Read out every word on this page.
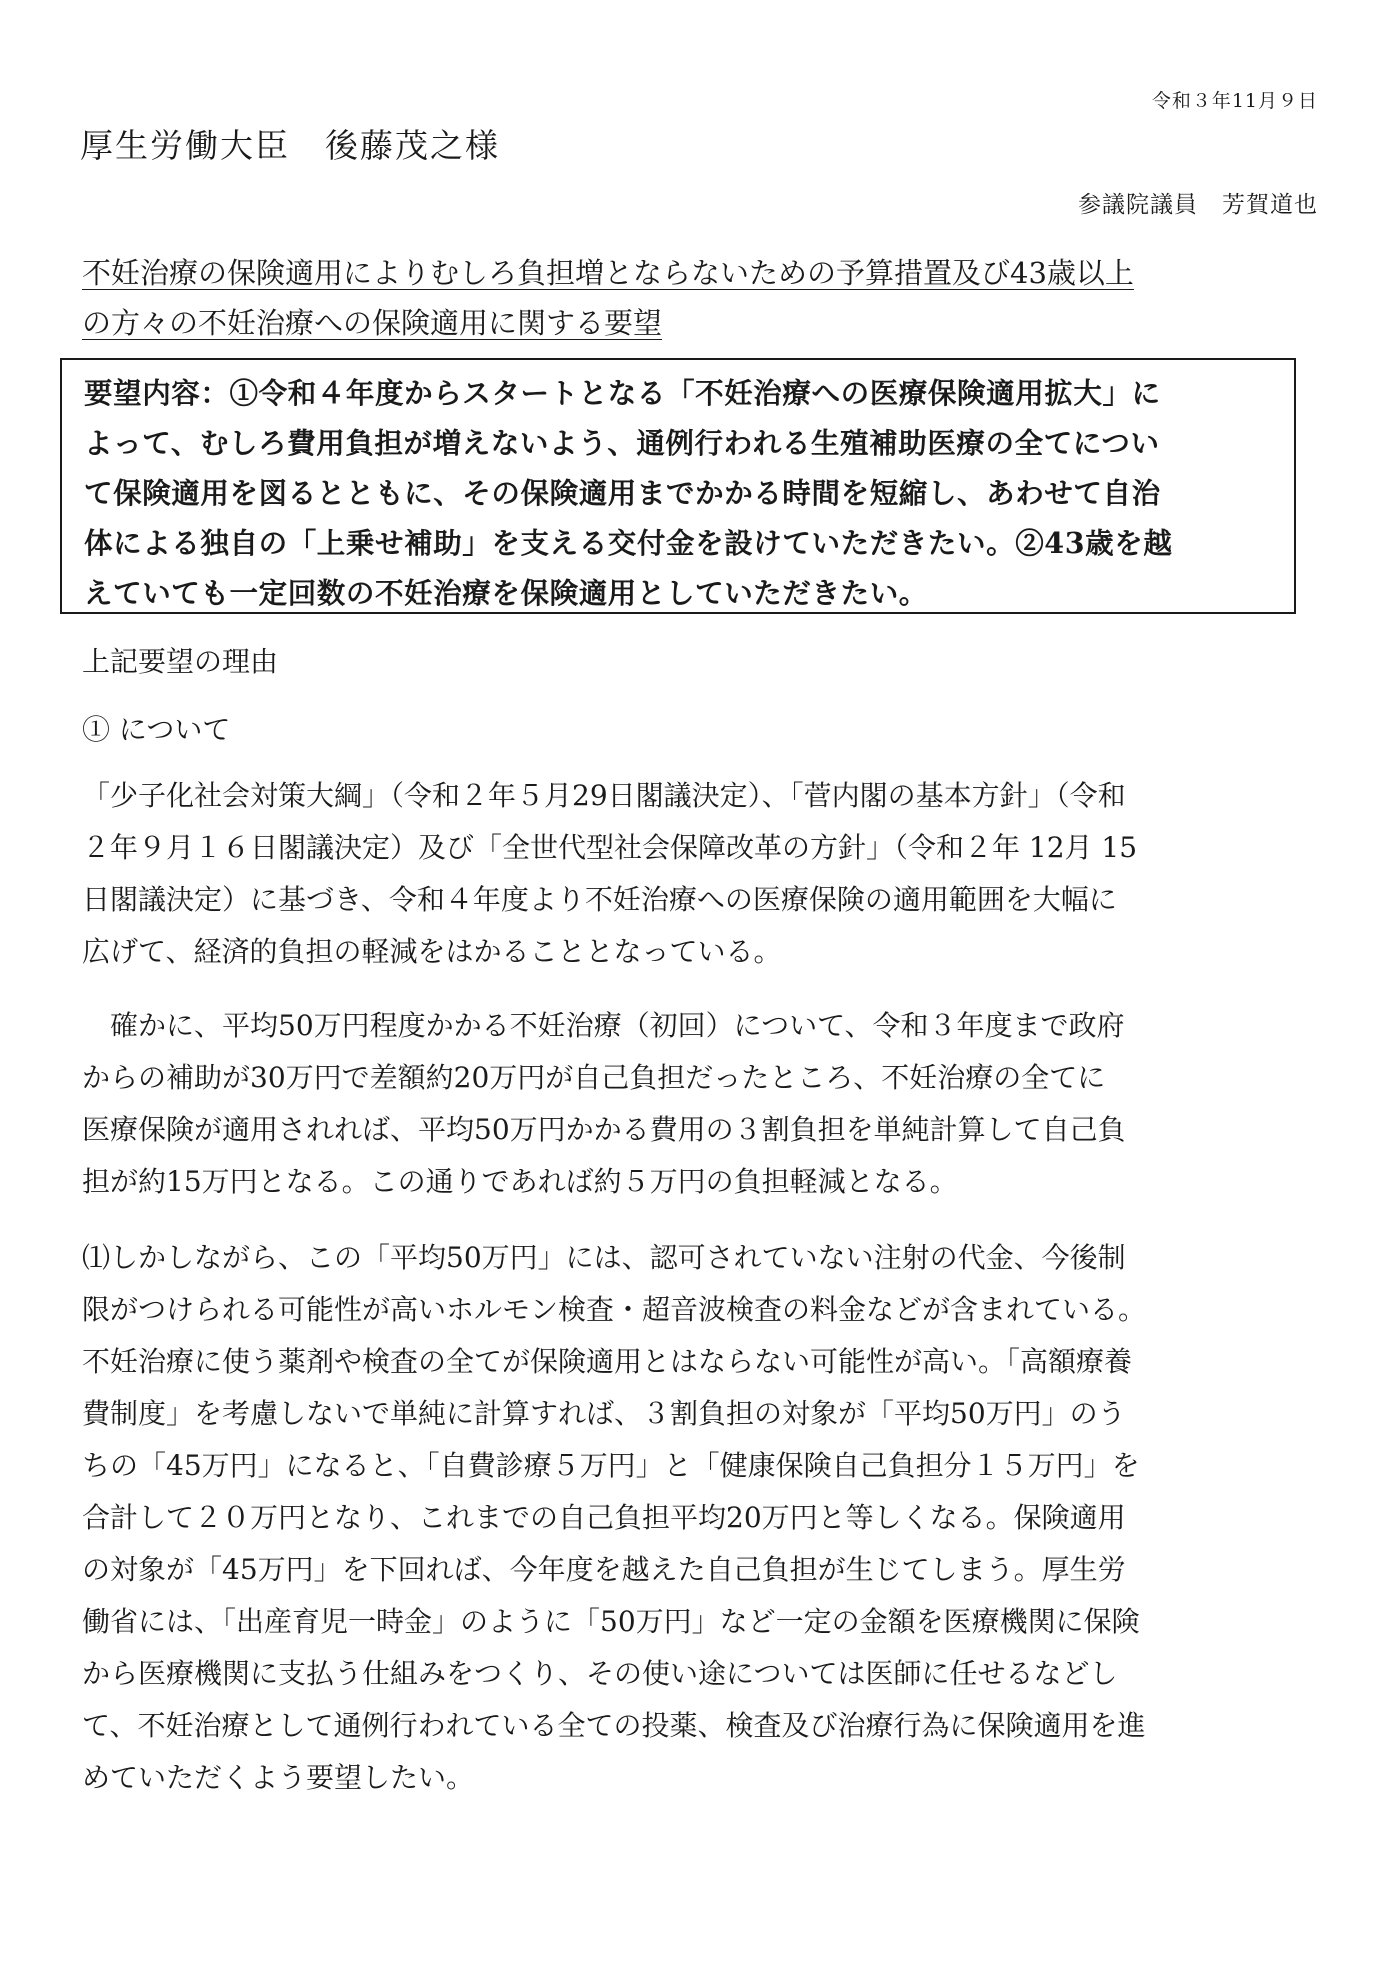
令和３年11月９日
厚生労働大臣　後藤茂之様
参議院議員　芳賀道也
不妊治療の保険適用によりむしろ負担増とならないための予算措置及び43歳以上
の方々の不妊治療への保険適用に関する要望
要望内容：①令和４年度からスタートとなる「不妊治療への医療保険適用拡大」に
よって、むしろ費用負担が増えないよう、通例行われる生殖補助医療の全てについ
て保険適用を図るとともに、その保険適用までかかる時間を短縮し、あわせて自治
体による独自の「上乗せ補助」を支える交付金を設けていただきたい。②43歳を越
えていても一定回数の不妊治療を保険適用としていただきたい。
上記要望の理由
① について
「少子化社会対策大綱」（令和２年５月29日閣議決定）、「菅内閣の基本方針」（令和
２年９月１６日閣議決定）及び「全世代型社会保障改革の方針」（令和２年 12月 15
日閣議決定）に基づき、令和４年度より不妊治療への医療保険の適用範囲を大幅に
広げて、経済的負担の軽減をはかることとなっている。
　確かに、平均50万円程度かかる不妊治療（初回）について、令和３年度まで政府
からの補助が30万円で差額約20万円が自己負担だったところ、不妊治療の全てに
医療保険が適用されれば、平均50万円かかる費用の３割負担を単純計算して自己負
担が約15万円となる。この通りであれば約５万円の負担軽減となる。
⑴しかしながら、この「平均50万円」には、認可されていない注射の代金、今後制
限がつけられる可能性が高いホルモン検査・超音波検査の料金などが含まれている。
不妊治療に使う薬剤や検査の全てが保険適用とはならない可能性が高い。「高額療養
費制度」を考慮しないで単純に計算すれば、３割負担の対象が「平均50万円」のう
ちの「45万円」になると、「自費診療５万円」と「健康保険自己負担分１５万円」を
合計して２０万円となり、これまでの自己負担平均20万円と等しくなる。保険適用
の対象が「45万円」を下回れば、今年度を越えた自己負担が生じてしまう。厚生労
働省には、「出産育児一時金」のように「50万円」など一定の金額を医療機関に保険
から医療機関に支払う仕組みをつくり、その使い途については医師に任せるなどし
て、不妊治療として通例行われている全ての投薬、検査及び治療行為に保険適用を進
めていただくよう要望したい。
